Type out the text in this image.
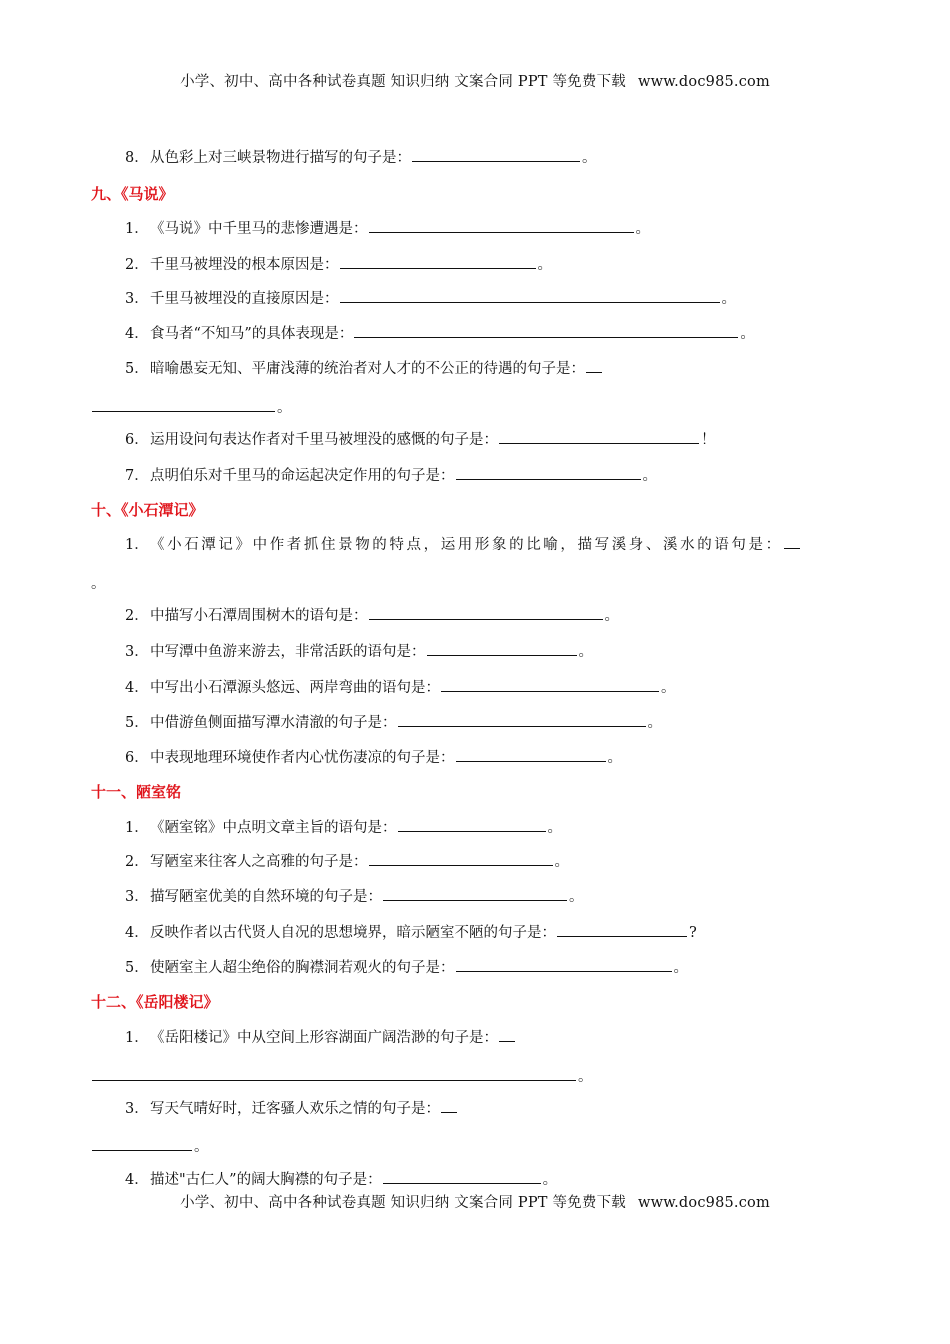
小学、初中、高中各种试卷真题 知识归纳 文案合同 PPT 等免费下载 www.doc985.com
8．从色彩上对三峡景物进行描写的句子是：	。
九、《马说》
1．《马说》中千里马的悲惨遭遇是：	。
2．千里马被埋没的根本原因是：	。
3．千里马被埋没的直接原因是：	。
4．食马者“不知马”的具体表现是：	。
5．暗喻愚妄无知、平庸浅薄的统治者对人才的不公正的待遇的句子是：
。
6．运用设问句表达作者对千里马被埋没的感慨的句子是：	！
7．点明伯乐对千里马的命运起决定作用的句子是：	。
十、《小石潭记》
1．《小石潭记》中作者抓住景物的特点，运用形象的比喻，描写溪身、溪水的语句是：
。
2．中描写小石潭周围树木的语句是：	。
3．中写潭中鱼游来游去，非常活跃的语句是：	。
4．中写出小石潭源头悠远、两岸弯曲的语句是：	。
5．中借游鱼侧面描写潭水清澈的句子是：	。
6．中表现地理环境使作者内心忧伤凄凉的句子是：	。
十一、陋室铭
1．《陋室铭》中点明文章主旨的语句是：	。
2．写陋室来往客人之高雅的句子是：	。
3．描写陋室优美的自然环境的句子是：	。
4．反映作者以古代贤人自况的思想境界，暗示陋室不陋的句子是：	?
5．使陋室主人超尘绝俗的胸襟洞若观火的句子是：	。
十二、《岳阳楼记》
1．《岳阳楼记》中从空间上形容湖面广阔浩渺的句子是：
。
3．写天气晴好时，迁客骚人欢乐之情的句子是：
。
4．描述"古仁人”的阔大胸襟的句子是：	。
小学、初中、高中各种试卷真题 知识归纳 文案合同 PPT 等免费下载 www.doc985.com
